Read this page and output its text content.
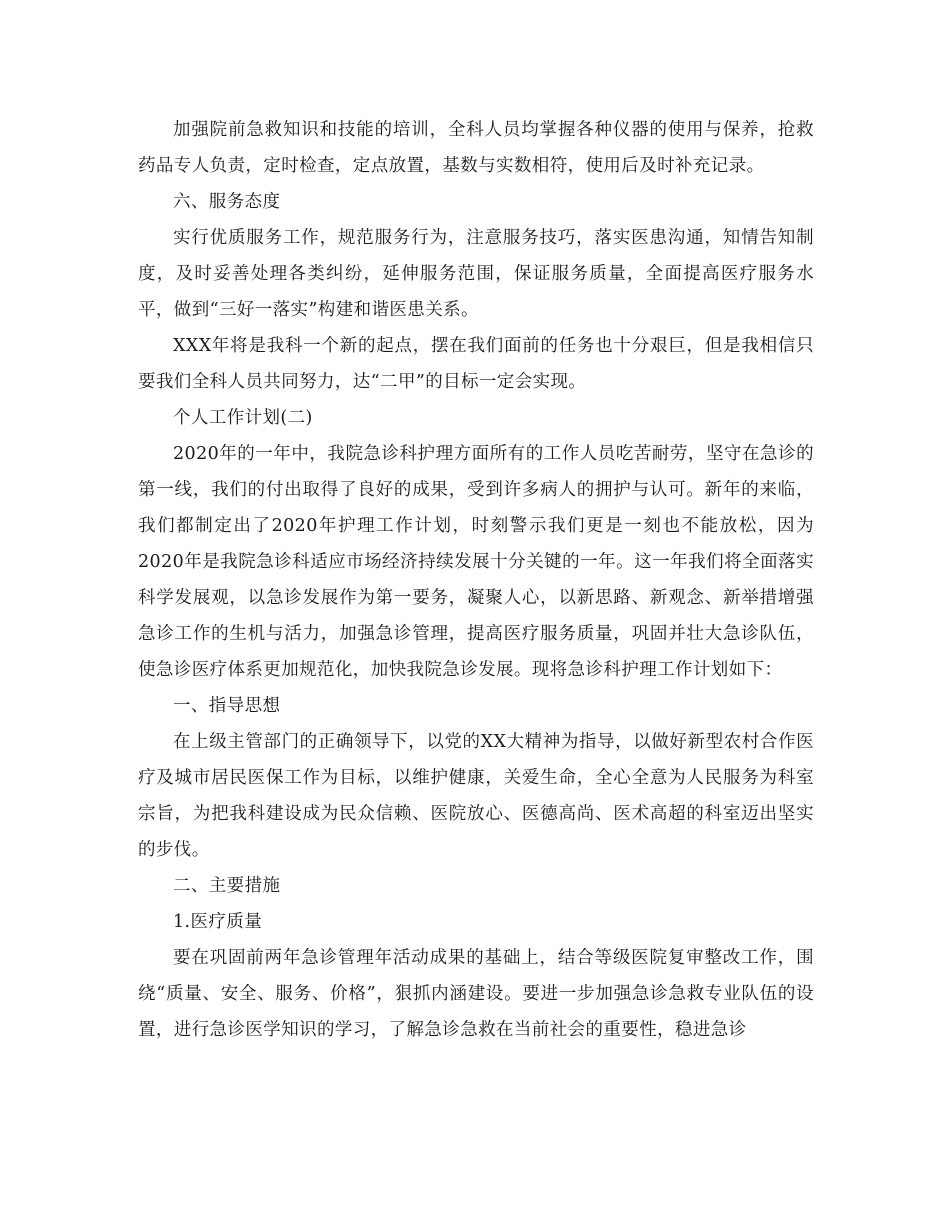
加强院前急救知识和技能的培训，全科人员均掌握各种仪器的使用与保养，抢救药品专人负责，定时检查，定点放置，基数与实数相符，使用后及时补充记录。

六、服务态度

实行优质服务工作，规范服务行为，注意服务技巧，落实医患沟通，知情告知制度，及时妥善处理各类纠纷，延伸服务范围，保证服务质量，全面提高医疗服务水平，做到“三好一落实”构建和谐医患关系。

XXX年将是我科一个新的起点，摆在我们面前的任务也十分艰巨，但是我相信只要我们全科人员共同努力，达“二甲”的目标一定会实现。

个人工作计划(二)

2020年的一年中，我院急诊科护理方面所有的工作人员吃苦耐劳，坚守在急诊的第一线，我们的付出取得了良好的成果，受到许多病人的拥护与认可。新年的来临，我们都制定出了2020年护理工作计划，时刻警示我们更是一刻也不能放松，因为2020年是我院急诊科适应市场经济持续发展十分关键的一年。这一年我们将全面落实科学发展观，以急诊发展作为第一要务，凝聚人心，以新思路、新观念、新举措增强急诊工作的生机与活力，加强急诊管理，提高医疗服务质量，巩固并壮大急诊队伍，使急诊医疗体系更加规范化，加快我院急诊发展。现将急诊科护理工作计划如下：

一、指导思想

在上级主管部门的正确领导下，以党的XX大精神为指导，以做好新型农村合作医疗及城市居民医保工作为目标，以维护健康，关爱生命，全心全意为人民服务为科室宗旨，为把我科建设成为民众信赖、医院放心、医德高尚、医术高超的科室迈出坚实的步伐。

二、主要措施

1.医疗质量

要在巩固前两年急诊管理年活动成果的基础上，结合等级医院复审整改工作，围绕“质量、安全、服务、价格”，狠抓内涵建设。要进一步加强急诊急救专业队伍的设置，进行急诊医学知识的学习，了解急诊急救在当前社会的重要性，稳进急诊
